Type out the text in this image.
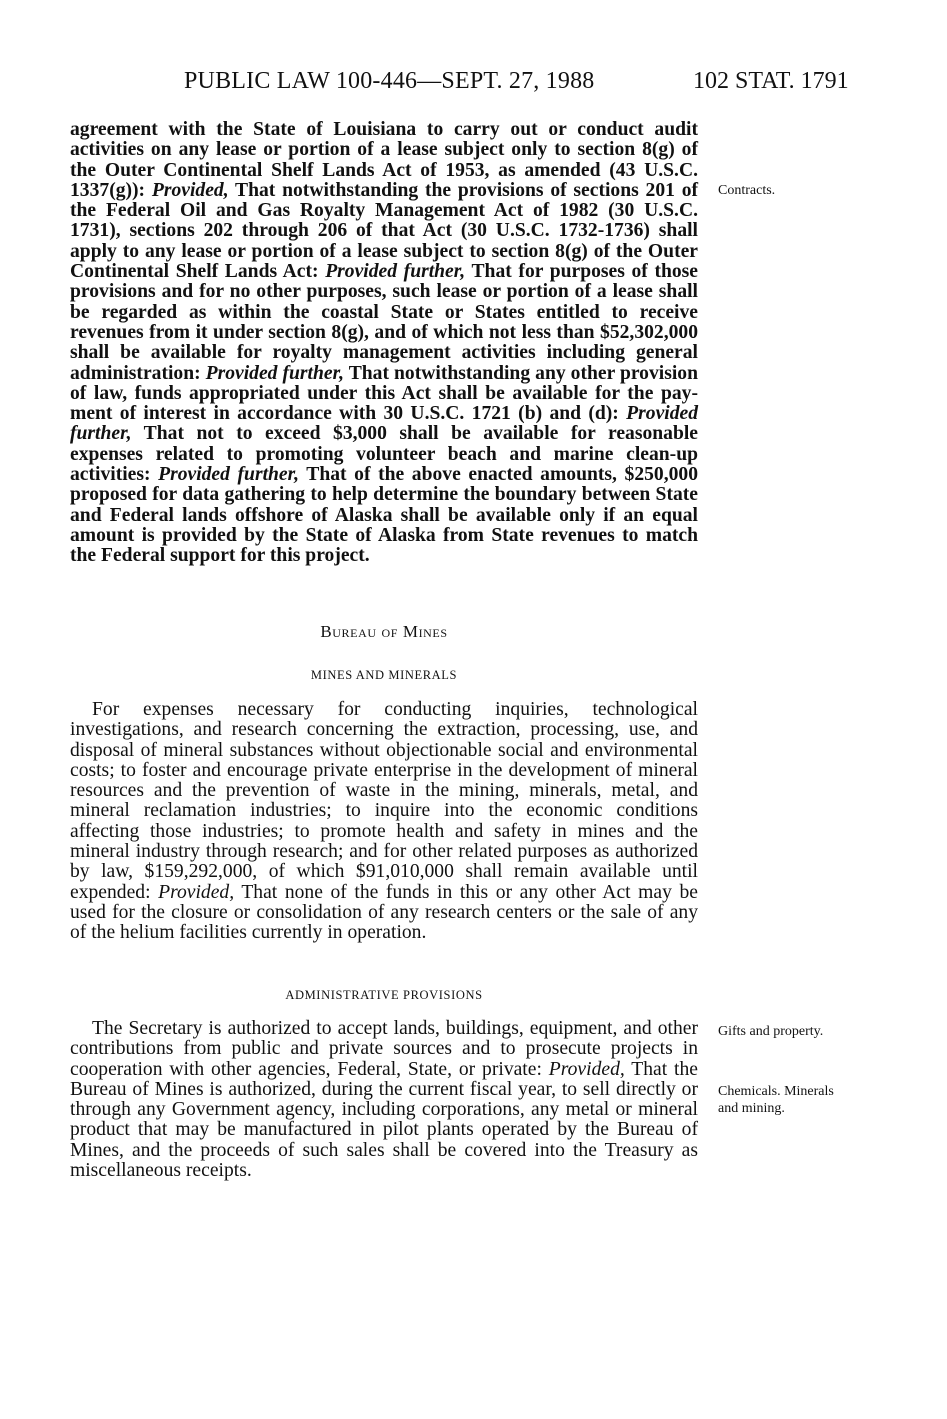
PUBLIC LAW 100-446—SEPT. 27, 1988	102 STAT. 1791

agreement with the State of Louisiana to carry out or conduct audit activities on any lease or portion of a lease subject only to section 8(g) of the Outer Continental Shelf Lands Act of 1953, as amended (43 U.S.C. 1337(g)): Provided, That notwithstanding the provisions of sections 201 of the Federal Oil and Gas Royalty Management Act of 1982 (30 U.S.C. 1731), sections 202 through 206 of that Act (30 U.S.C. 1732-1736) shall apply to any lease or portion of a lease subject to section 8(g) of the Outer Continental Shelf Lands Act: Provided further, That for purposes of those provisions and for no other purposes, such lease or portion of a lease shall be regarded as within the coastal State or States entitled to receive revenues from it under section 8(g), and of which not less than $52,302,000 shall be available for royalty management activities including general administration: Provided further, That notwithstanding any other provision of law, funds appropriated under this Act shall be available for the payment of interest in accordance with 30 U.S.C. 1721 (b) and (d): Provided further, That not to exceed $3,000 shall be available for reasonable expenses related to promoting volunteer beach and marine clean-up activities: Provided further, That of the above enacted amounts, $250,000 proposed for data gathering to help determine the boundary between State and Federal lands offshore of Alaska shall be available only if an equal amount is provided by the State of Alaska from State revenues to match the Federal support for this project.

Contracts.
Bureau of Mines
MINES AND MINERALS

For expenses necessary for conducting inquiries, technological investigations, and research concerning the extraction, processing, use, and disposal of mineral substances without objectionable social and environmental costs; to foster and encourage private enterprise in the development of mineral resources and the prevention of waste in the mining, minerals, metal, and mineral reclamation industries; to inquire into the economic conditions affecting those industries; to promote health and safety in mines and the mineral industry through research; and for other related purposes as authorized by law, $159,292,000, of which $91,010,000 shall remain available until expended: Provided, That none of the funds in this or any other Act may be used for the closure or consolidation of any research centers or the sale of any of the helium facilities currently in operation.

ADMINISTRATIVE PROVISIONS

The Secretary is authorized to accept lands, buildings, equipment, and other contributions from public and private sources and to prosecute projects in cooperation with other agencies, Federal, State, or private: Provided, That the Bureau of Mines is authorized, during the current fiscal year, to sell directly or through any Government agency, including corporations, any metal or mineral product that may be manufactured in pilot plants operated by the Bureau of Mines, and the proceeds of such sales shall be covered into the Treasury as miscellaneous receipts.

Gifts and property.
Chemicals. Minerals and mining.
